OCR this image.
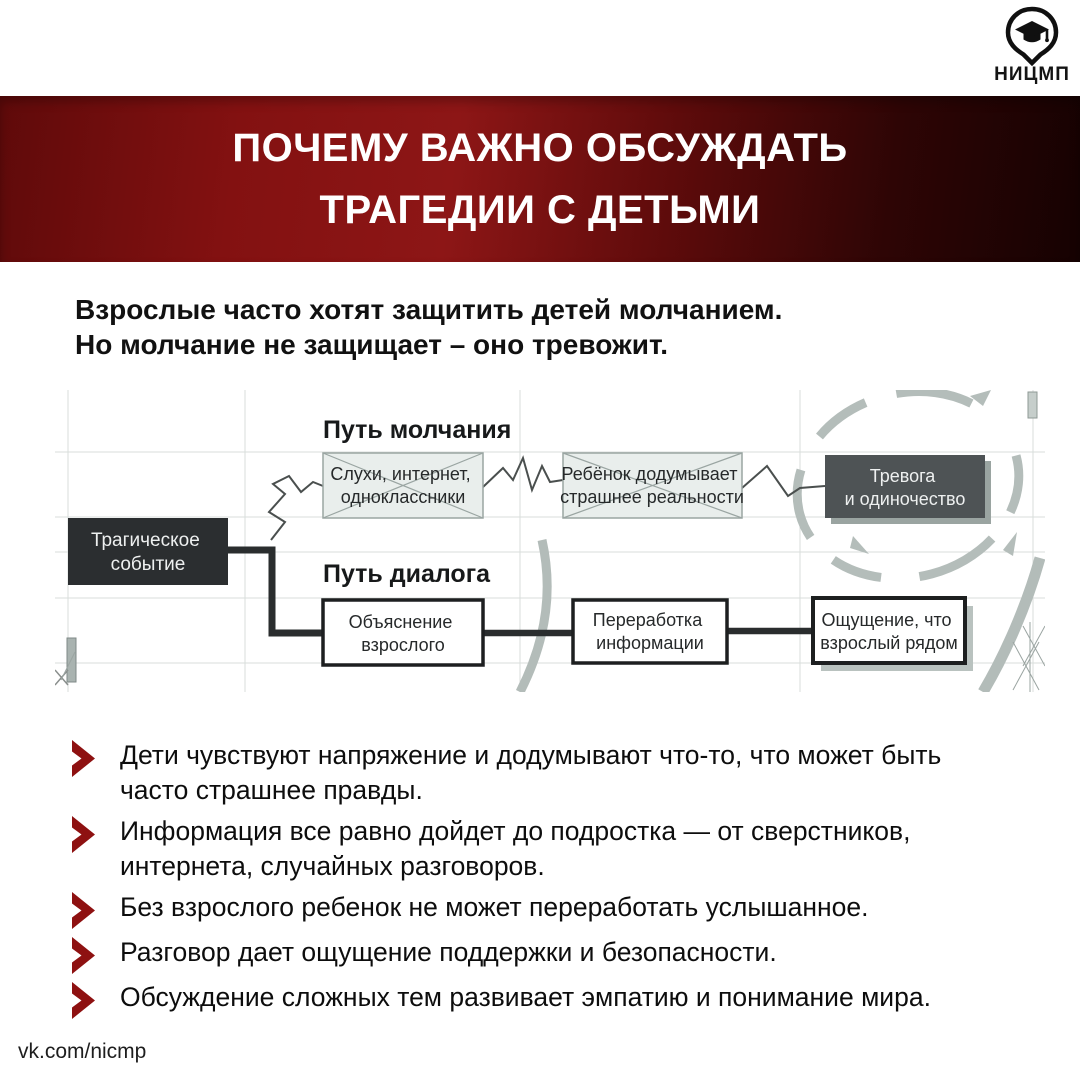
НИЦМП
ПОЧЕМУ ВАЖНО ОБСУЖДАТЬ
ТРАГЕДИИ С ДЕТЬМИ
Взрослые часто хотят защитить детей молчанием.
Но молчание не защищает – оно тревожит.
Трагическое событие
Путь молчания
Путь диалога
Слухи, интернет, одноклассники
Ребёнок додумывает страшнее реальности
Тревога и одиночество
Объяснение взрослого
Переработка информации
Ощущение, что взрослый рядом
Дети чувствуют напряжение и додумывают что-то, что может быть
часто страшнее правды.
Информация все равно дойдет до подростка — от сверстников,
интернета, случайных разговоров.
Без взрослого ребенок не может переработать услышанное.
Разговор дает ощущение поддержки и безопасности.
Обсуждение сложных тем развивает эмпатию и понимание мира.
vk.com/nicmp
